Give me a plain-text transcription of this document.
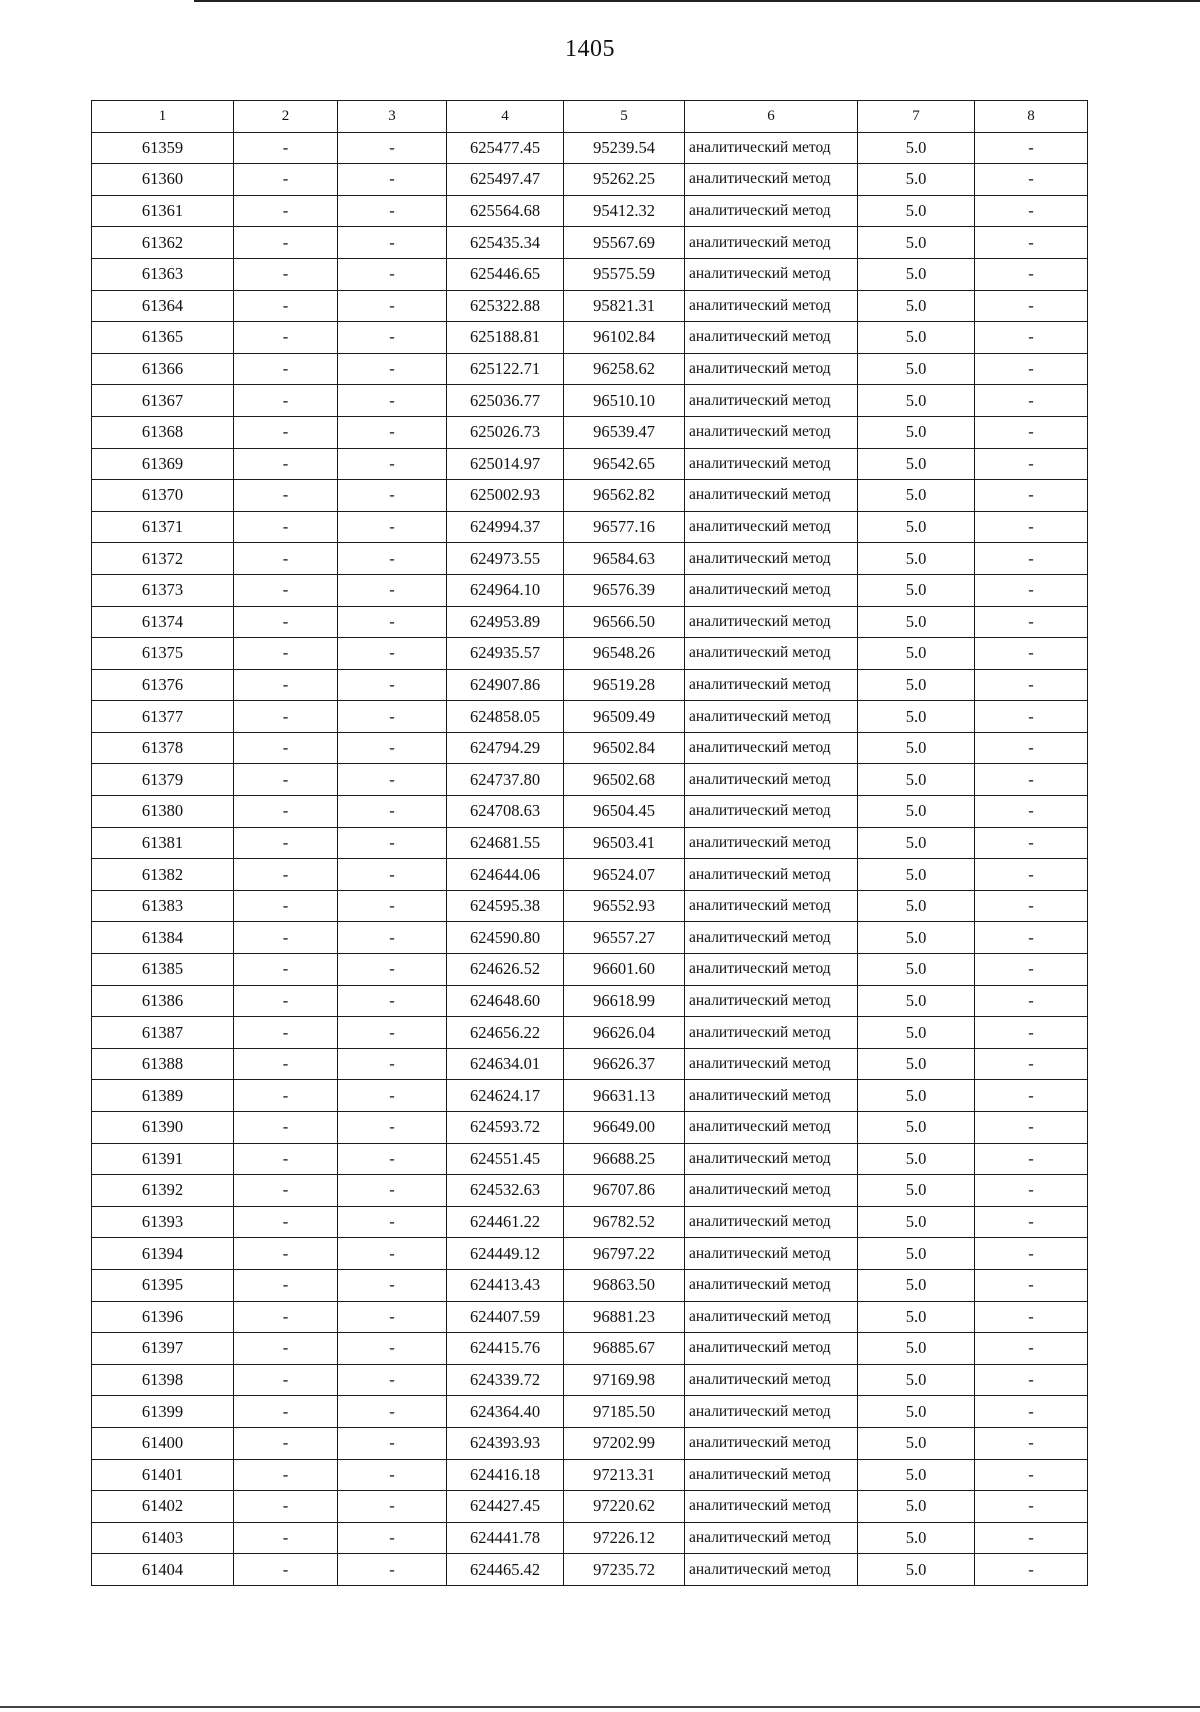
1405
1	2	3	4	5	6	7	8
61359	-	-	625477.45	95239.54	аналитический метод	5.0	-
61360	-	-	625497.47	95262.25	аналитический метод	5.0	-
61361	-	-	625564.68	95412.32	аналитический метод	5.0	-
61362	-	-	625435.34	95567.69	аналитический метод	5.0	-
61363	-	-	625446.65	95575.59	аналитический метод	5.0	-
61364	-	-	625322.88	95821.31	аналитический метод	5.0	-
61365	-	-	625188.81	96102.84	аналитический метод	5.0	-
61366	-	-	625122.71	96258.62	аналитический метод	5.0	-
61367	-	-	625036.77	96510.10	аналитический метод	5.0	-
61368	-	-	625026.73	96539.47	аналитический метод	5.0	-
61369	-	-	625014.97	96542.65	аналитический метод	5.0	-
61370	-	-	625002.93	96562.82	аналитический метод	5.0	-
61371	-	-	624994.37	96577.16	аналитический метод	5.0	-
61372	-	-	624973.55	96584.63	аналитический метод	5.0	-
61373	-	-	624964.10	96576.39	аналитический метод	5.0	-
61374	-	-	624953.89	96566.50	аналитический метод	5.0	-
61375	-	-	624935.57	96548.26	аналитический метод	5.0	-
61376	-	-	624907.86	96519.28	аналитический метод	5.0	-
61377	-	-	624858.05	96509.49	аналитический метод	5.0	-
61378	-	-	624794.29	96502.84	аналитический метод	5.0	-
61379	-	-	624737.80	96502.68	аналитический метод	5.0	-
61380	-	-	624708.63	96504.45	аналитический метод	5.0	-
61381	-	-	624681.55	96503.41	аналитический метод	5.0	-
61382	-	-	624644.06	96524.07	аналитический метод	5.0	-
61383	-	-	624595.38	96552.93	аналитический метод	5.0	-
61384	-	-	624590.80	96557.27	аналитический метод	5.0	-
61385	-	-	624626.52	96601.60	аналитический метод	5.0	-
61386	-	-	624648.60	96618.99	аналитический метод	5.0	-
61387	-	-	624656.22	96626.04	аналитический метод	5.0	-
61388	-	-	624634.01	96626.37	аналитический метод	5.0	-
61389	-	-	624624.17	96631.13	аналитический метод	5.0	-
61390	-	-	624593.72	96649.00	аналитический метод	5.0	-
61391	-	-	624551.45	96688.25	аналитический метод	5.0	-
61392	-	-	624532.63	96707.86	аналитический метод	5.0	-
61393	-	-	624461.22	96782.52	аналитический метод	5.0	-
61394	-	-	624449.12	96797.22	аналитический метод	5.0	-
61395	-	-	624413.43	96863.50	аналитический метод	5.0	-
61396	-	-	624407.59	96881.23	аналитический метод	5.0	-
61397	-	-	624415.76	96885.67	аналитический метод	5.0	-
61398	-	-	624339.72	97169.98	аналитический метод	5.0	-
61399	-	-	624364.40	97185.50	аналитический метод	5.0	-
61400	-	-	624393.93	97202.99	аналитический метод	5.0	-
61401	-	-	624416.18	97213.31	аналитический метод	5.0	-
61402	-	-	624427.45	97220.62	аналитический метод	5.0	-
61403	-	-	624441.78	97226.12	аналитический метод	5.0	-
61404	-	-	624465.42	97235.72	аналитический метод	5.0	-
